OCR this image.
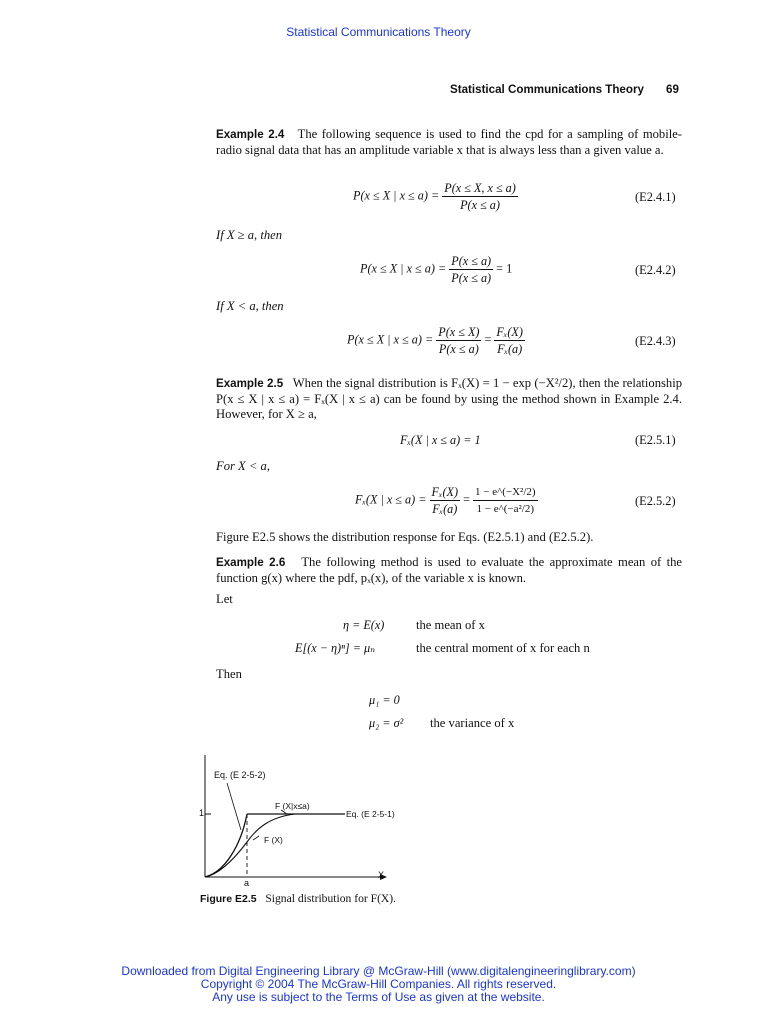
Statistical Communications Theory
Statistical Communications Theory 69
Example 2.4 The following sequence is used to find the cpd for a sampling of mobile-radio signal data that has an amplitude variable x that is always less than a given value a.
P(x ≤ X | $x \le a) = \frac{P(x \le X, x \le a)}{P(x \le a)}$	(E2.4.1)
If X ≥ a, then
P(x ≤ X | $x \le a) = \frac{P(x \le a)}{P(x \le a)} = 1$	(E2.4.2)
If X < a, then
P(x ≤ X | $x \le a) = \frac{P(x \le X)}{P(x \le a)} = \frac{\text{Fₓ(X)}}{\text{Fₓ(a)}}$	(E2.4.3)
Example 2.5 When the signal distribution is Fₓ(X) = 1 − exp (−X²/2), then the relationship P(x ≤ X | x ≤ a) = Fₓ(X | x ≤ a) can be found by using the method shown in Example 2.4. However, for X ≥ a,
Fₓ(X | x ≤ a) = 1	(E2.5.1)
For X < a,
Fₓ(X | $x \le a) = \frac{\text{Fₓ(X)}}{\text{Fₓ(a)}} = \frac{\text{1 − e\textasciicircum{}(−X²/2)}}{\text{1 − e\textasciicircum{}(−a²/2)}}$	(E2.5.2)
Figure E2.5 shows the distribution response for Eqs. (E2.5.1) and (E2.5.2).
Example 2.6 The following method is used to evaluate the approximate mean of the function g(x) where the pdf, pₓ(x), of the variable x is known.
Let
η = E(x)	the mean of x
E[(x − η)ⁿ] = μₙ	the central moment of x for each n
Then
μ₁ = 0
μ₂ = σ² the variance of x
Eq. (E 2-5-2)
F (X|x≤a)
Eq. (E 2-5-1)
F (X)
1
a
X
Figure E2.5 Signal distribution for F(X).
Downloaded from Digital Engineering Library @ McGraw-Hill (www.digitalengineeringlibrary.com)
Copyright © 2004 The McGraw-Hill Companies. All rights reserved.
Any use is subject to the Terms of Use as given at the website.
